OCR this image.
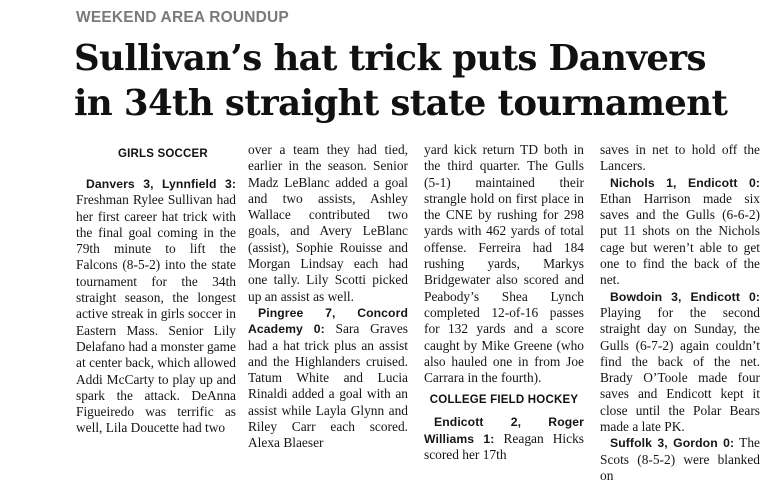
WEEKEND AREA ROUNDUP
Sullivan’s hat trick puts Danvers
in 34th straight state tournament
GIRLS SOCCER

Danvers 3, Lynnfield 3: Freshman Rylee Sullivan had her first career hat trick with the final goal coming in the 79th minute to lift the Falcons (8-5-2) into the state tournament for the 34th straight season, the longest active streak in girls soccer in Eastern Mass. Senior Lily Delafano had a monster game at center back, which allowed Addi McCarty to play up and spark the attack. DeAnna Figueiredo was terrific as well, Lila Doucette had two

over a team they had tied, earlier in the season. Senior Madz LeBlanc added a goal and two assists, Ashley Wallace contributed two goals, and Avery LeBlanc (assist), Sophie Rouisse and Morgan Lindsay each had one tally. Lily Scotti picked up an assist as well.

Pingree 7, Concord Academy 0: Sara Graves had a hat trick plus an assist and the Highlanders cruised. Tatum White and Lucia Rinaldi added a goal with an assist while Layla Glynn and Riley Carr each scored. Alexa Blaeser

yard kick return TD both in the third quarter. The Gulls (5-1) maintained their strangle hold on first place in the CNE by rushing for 298 yards with 462 yards of total offense. Ferreira had 184 rushing yards, Markys Bridgewater also scored and Peabody’s Shea Lynch completed 12-of-16 passes for 132 yards and a score caught by Mike Greene (who also hauled one in from Joe Carrara in the fourth).

COLLEGE FIELD HOCKEY

Endicott 2, Roger Williams 1: Reagan Hicks scored her 17th

saves in net to hold off the Lancers.

Nichols 1, Endicott 0: Ethan Harrison made six saves and the Gulls (6-6-2) put 11 shots on the Nichols cage but weren’t able to get one to find the back of the net.

Bowdoin 3, Endicott 0: Playing for the second straight day on Sunday, the Gulls (6-7-2) again couldn’t find the back of the net. Brady O’Toole made four saves and Endicott kept it close until the Polar Bears made a late PK.

Suffolk 3, Gordon 0: The Scots (8-5-2) were blanked on
